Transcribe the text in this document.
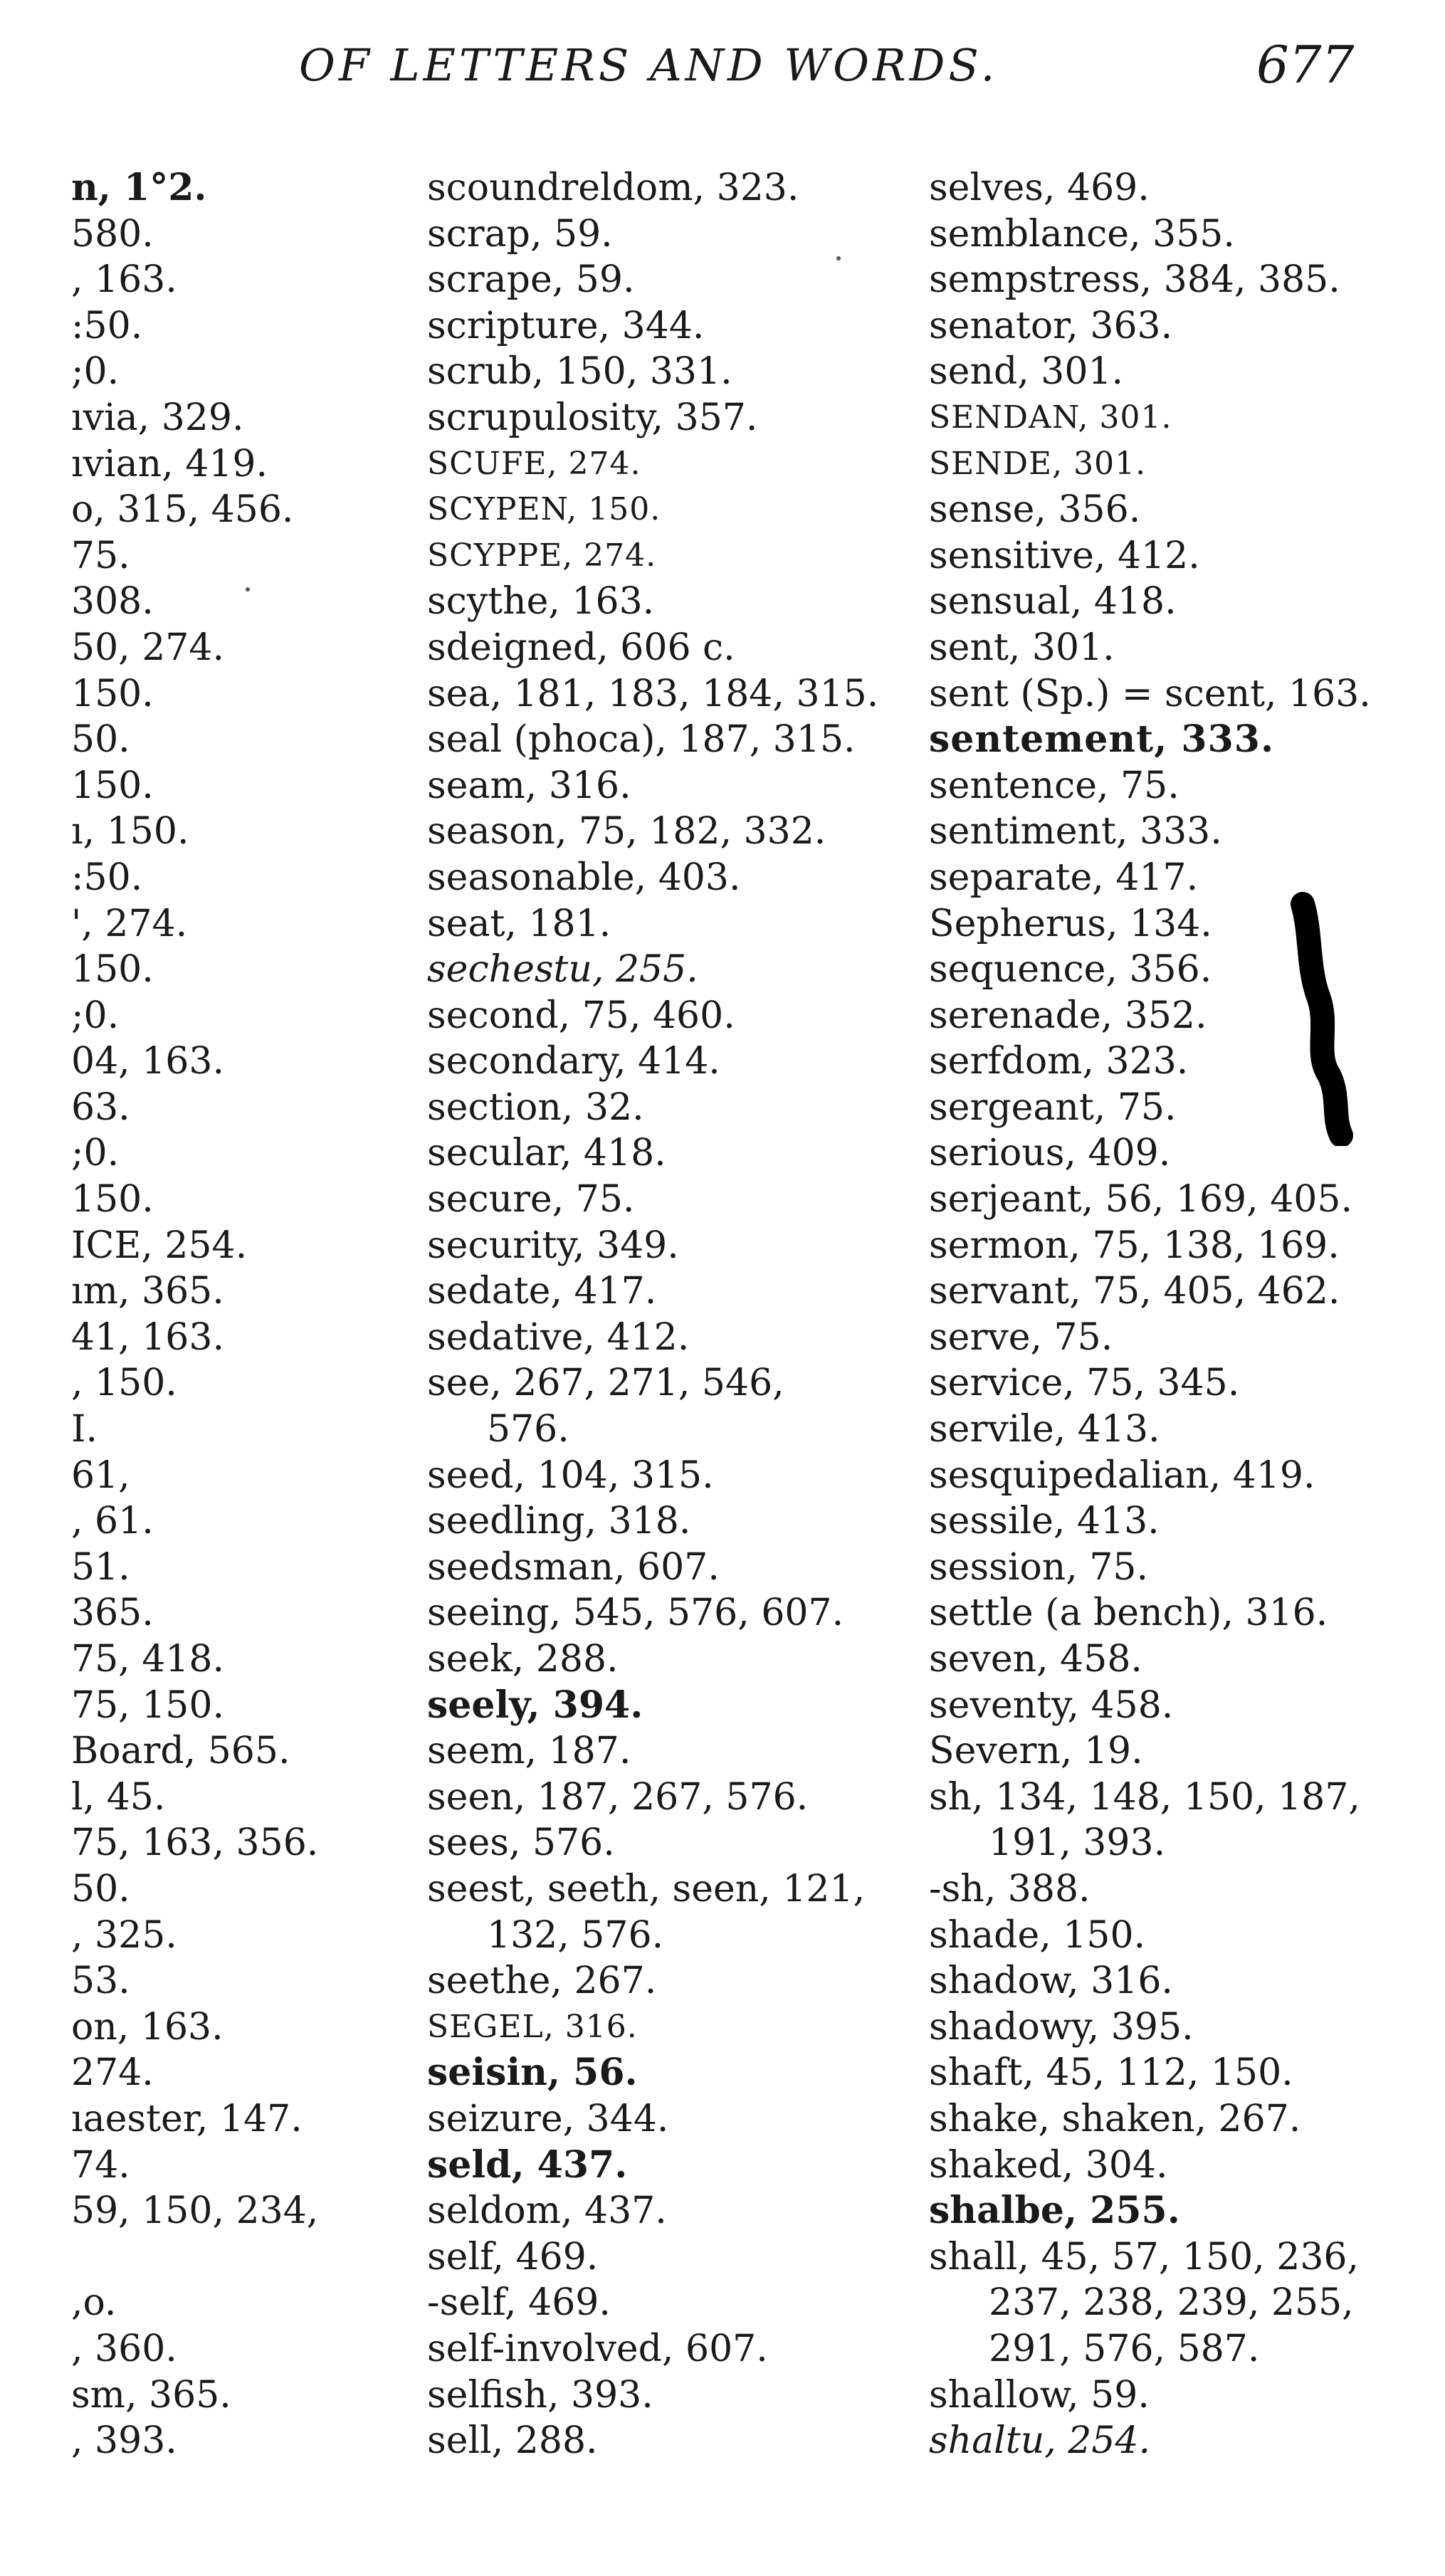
OF LETTERS AND WORDS.	677
n, 1°2.
580.
, 163.
:50.
;0.
ıvia, 329.
ıvian, 419.
o, 315, 456.
75.
308.
50, 274.
150.
50.
150.
ı, 150.
:50.
', 274.
150.
;0.
04, 163.
63.
;0.
150.
ICE, 254.
ım, 365.
41, 163.
, 150.
I.
61,
, 61.
51.
365.
75, 418.
75, 150.
Board, 565.
l, 45.
75, 163, 356.
50.
, 325.
53.
on, 163.
274.
ıaester, 147.
74.
59, 150, 234,
,o.
, 360.
sm, 365.
, 393.
scoundreldom, 323.
scrap, 59.
scrape, 59.
scripture, 344.
scrub, 150, 331.
scrupulosity, 357.
SCUFE, 274.
SCYPEN, 150.
SCYPPE, 274.
scythe, 163.
sdeigned, 606 c.
sea, 181, 183, 184, 315.
seal (phoca), 187, 315.
seam, 316.
season, 75, 182, 332.
seasonable, 403.
seat, 181.
sechestu, 255.
second, 75, 460.
secondary, 414.
section, 32.
secular, 418.
secure, 75.
security, 349.
sedate, 417.
sedative, 412.
see, 267, 271, 546,
576.
seed, 104, 315.
seedling, 318.
seedsman, 607.
seeing, 545, 576, 607.
seek, 288.
seely, 394.
seem, 187.
seen, 187, 267, 576.
sees, 576.
seest, seeth, seen, 121,
132, 576.
seethe, 267.
SEGEL, 316.
seisin, 56.
seizure, 344.
seld, 437.
seldom, 437.
self, 469.
-self, 469.
self-involved, 607.
selfish, 393.
sell, 288.
selves, 469.
semblance, 355.
sempstress, 384, 385.
senator, 363.
send, 301.
SENDAN, 301.
SENDE, 301.
sense, 356.
sensitive, 412.
sensual, 418.
sent, 301.
sent (Sp.) = scent, 163.
sentement, 333.
sentence, 75.
sentiment, 333.
separate, 417.
Sepherus, 134.
sequence, 356.
serenade, 352.
serfdom, 323.
sergeant, 75.
serious, 409.
serjeant, 56, 169, 405.
sermon, 75, 138, 169.
servant, 75, 405, 462.
serve, 75.
service, 75, 345.
servile, 413.
sesquipedalian, 419.
sessile, 413.
session, 75.
settle (a bench), 316.
seven, 458.
seventy, 458.
Severn, 19.
sh, 134, 148, 150, 187,
191, 393.
-sh, 388.
shade, 150.
shadow, 316.
shadowy, 395.
shaft, 45, 112, 150.
shake, shaken, 267.
shaked, 304.
shalbe, 255.
shall, 45, 57, 150, 236,
237, 238, 239, 255,
291, 576, 587.
shallow, 59.
shaltu, 254.
